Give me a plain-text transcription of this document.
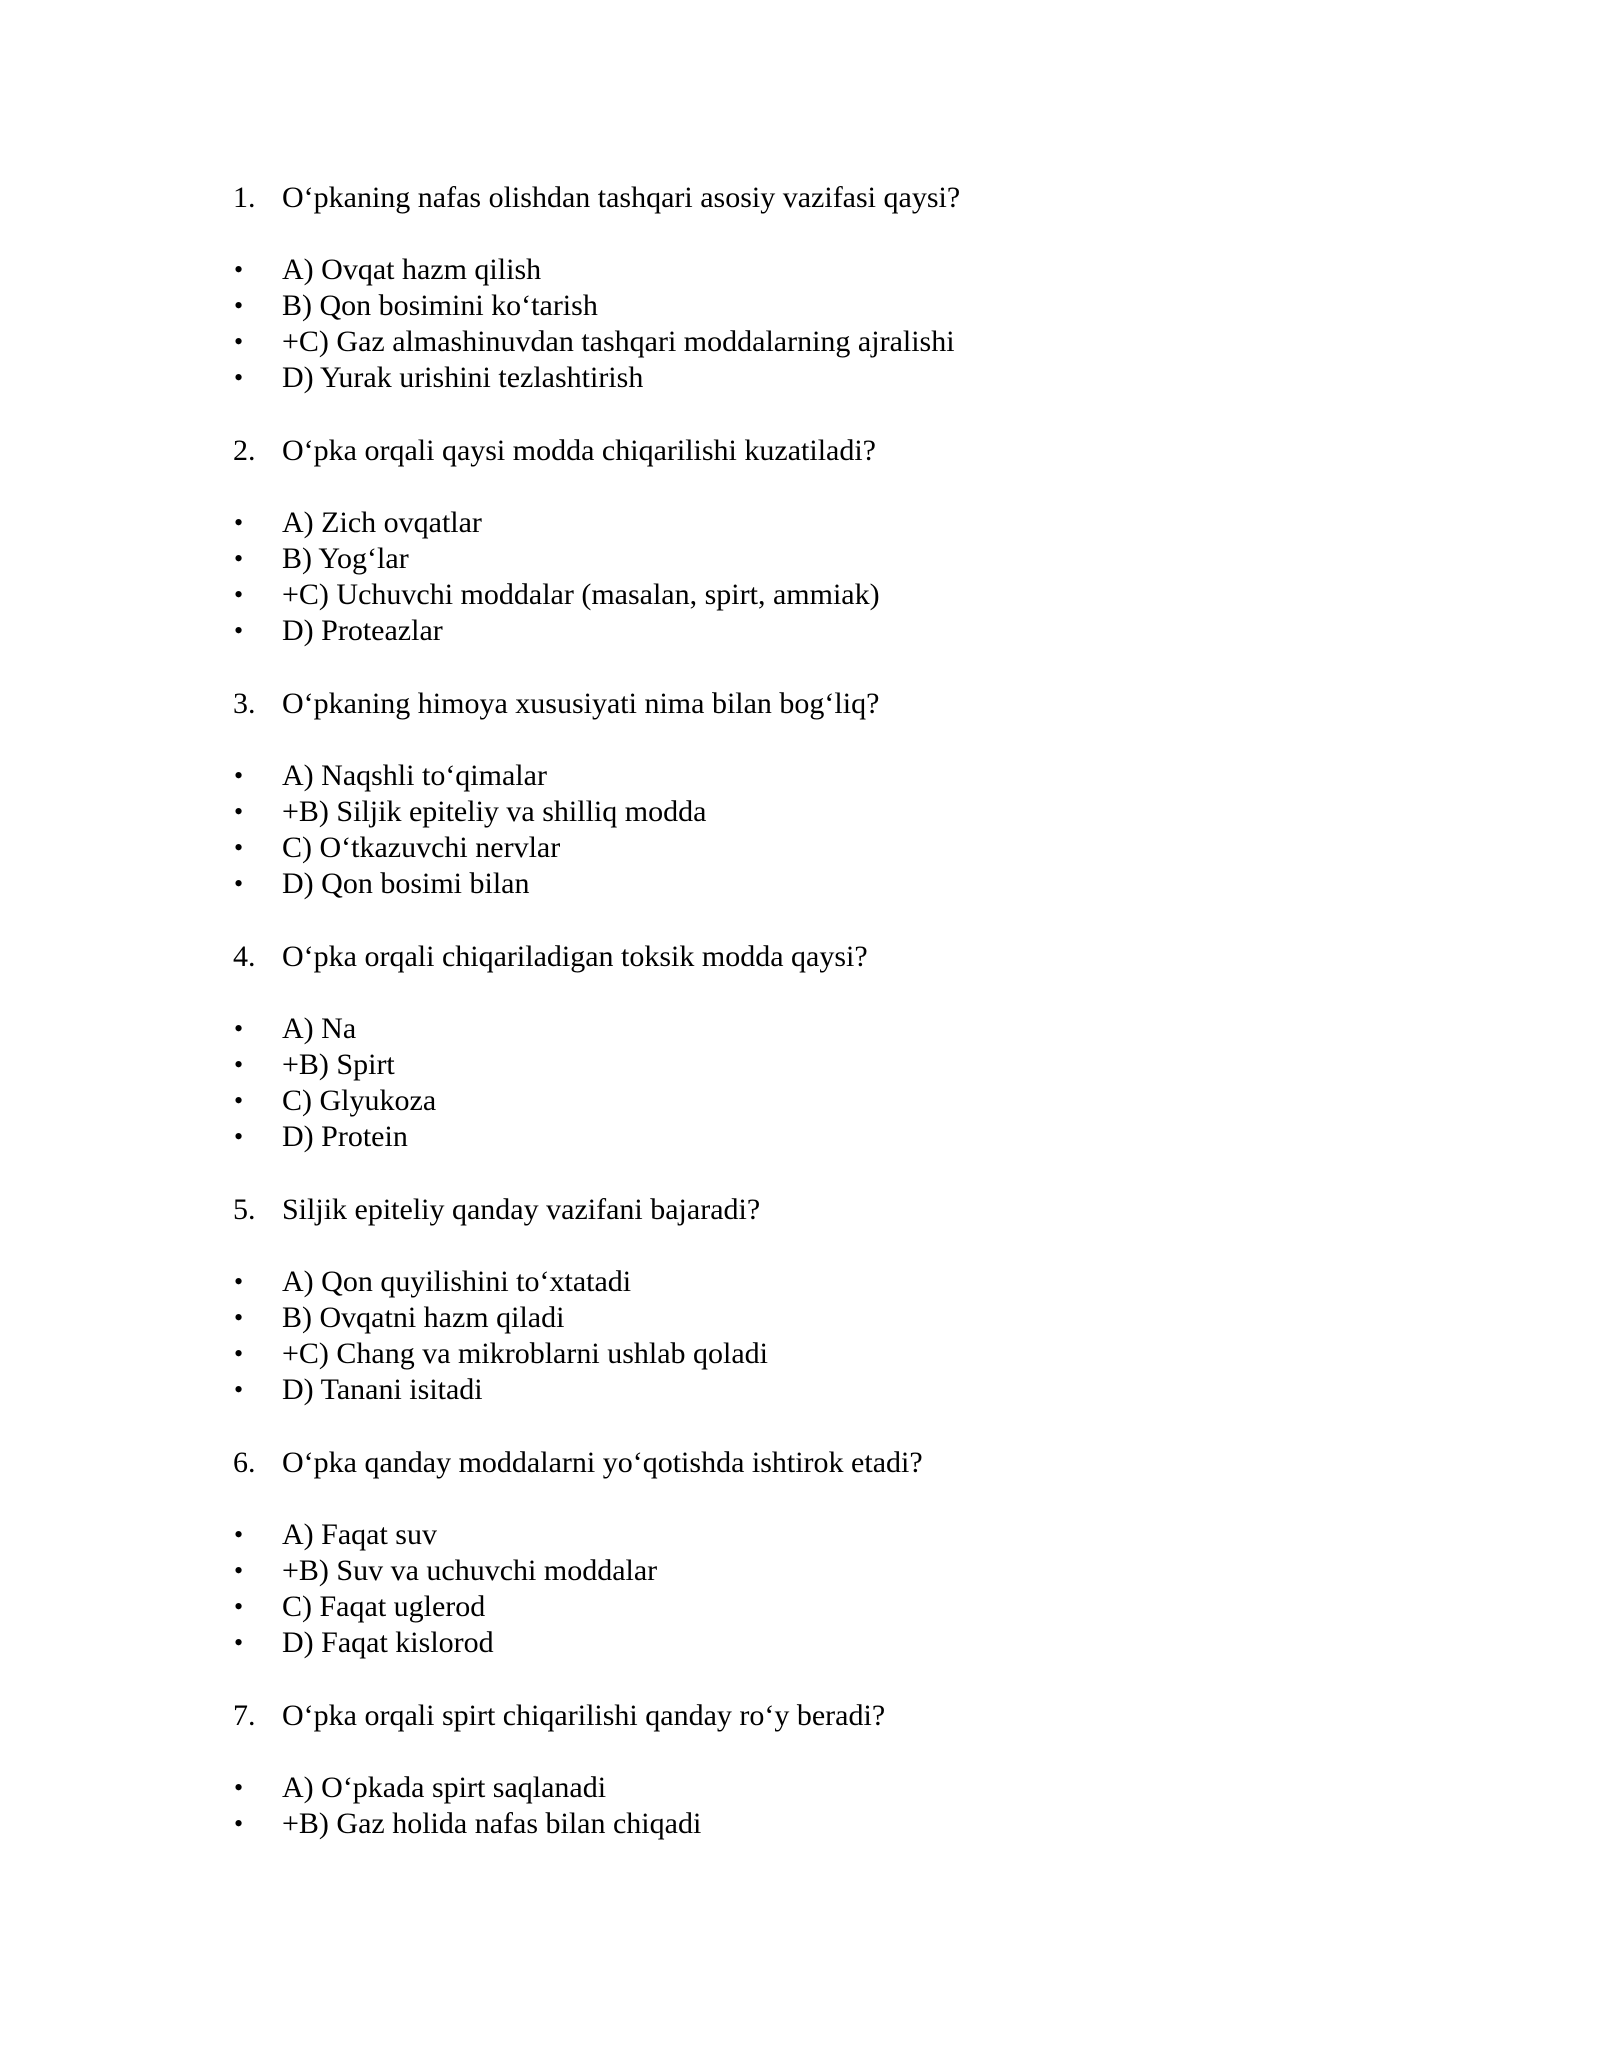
1. O‘pkaning nafas olishdan tashqari asosiy vazifasi qaysi?
• A) Ovqat hazm qilish
• B) Qon bosimini ko‘tarish
• +C) Gaz almashinuvdan tashqari moddalarning ajralishi
• D) Yurak urishini tezlashtirish
2. O‘pka orqali qaysi modda chiqarilishi kuzatiladi?
• A) Zich ovqatlar
• B) Yog‘lar
• +C) Uchuvchi moddalar (masalan, spirt, ammiak)
• D) Proteazlar
3. O‘pkaning himoya xususiyati nima bilan bog‘liq?
• A) Naqshli to‘qimalar
• +B) Siljik epiteliy va shilliq modda
• C) O‘tkazuvchi nervlar
• D) Qon bosimi bilan
4. O‘pka orqali chiqariladigan toksik modda qaysi?
• A) Na
• +B) Spirt
• C) Glyukoza
• D) Protein
5. Siljik epiteliy qanday vazifani bajaradi?
• A) Qon quyilishini to‘xtatadi
• B) Ovqatni hazm qiladi
• +C) Chang va mikroblarni ushlab qoladi
• D) Tanani isitadi
6. O‘pka qanday moddalarni yo‘qotishda ishtirok etadi?
• A) Faqat suv
• +B) Suv va uchuvchi moddalar
• C) Faqat uglerod
• D) Faqat kislorod
7. O‘pka orqali spirt chiqarilishi qanday ro‘y beradi?
• A) O‘pkada spirt saqlanadi
• +B) Gaz holida nafas bilan chiqadi
